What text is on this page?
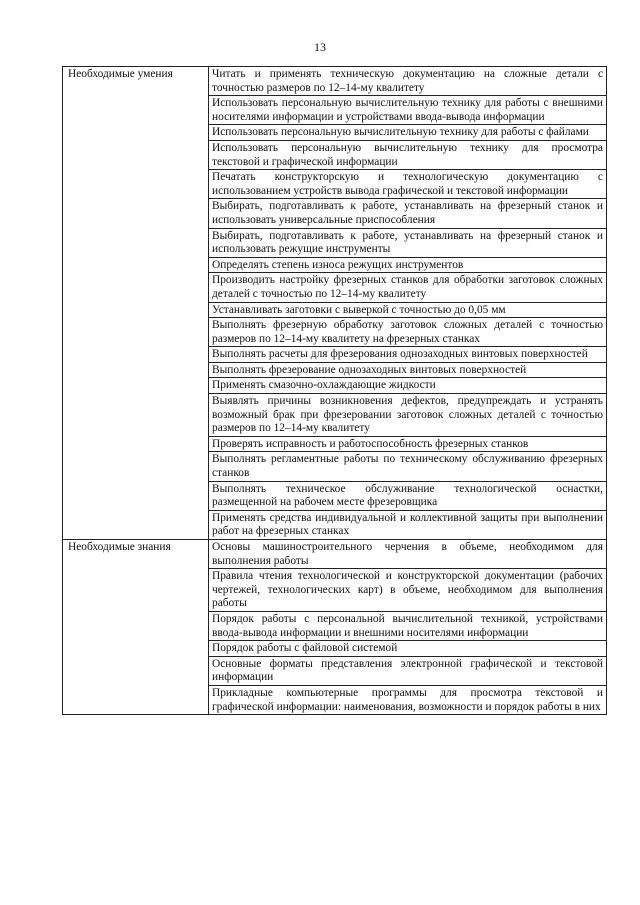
13
Необходимые умения	Читать и применять техническую документацию на сложные детали с точностью размеров по 12–14-му квалитету
	Использовать персональную вычислительную технику для работы с внешними носителями информации и устройствами ввода-вывода информации
	Использовать персональную вычислительную технику для работы с файлами
	Использовать персональную вычислительную технику для просмотра текстовой и графической информации
	Печатать конструкторскую и технологическую документацию с использованием устройств вывода графической и текстовой информации
	Выбирать, подготавливать к работе, устанавливать на фрезерный станок и использовать универсальные приспособления
	Выбирать, подготавливать к работе, устанавливать на фрезерный станок и использовать режущие инструменты
	Определять степень износа режущих инструментов
	Производить настройку фрезерных станков для обработки заготовок сложных деталей с точностью по 12–14-му квалитету
	Устанавливать заготовки с выверкой с точностью до 0,05 мм
	Выполнять фрезерную обработку заготовок сложных деталей с точностью размеров по 12–14-му квалитету на фрезерных станках
	Выполнять расчеты для фрезерования однозаходных винтовых поверхностей
	Выполнять фрезерование однозаходных винтовых поверхностей
	Применять смазочно-охлаждающие жидкости
	Выявлять причины возникновения дефектов, предупреждать и устранять возможный брак при фрезеровании заготовок сложных деталей с точностью размеров по 12–14-му квалитету
	Проверять исправность и работоспособность фрезерных станков
	Выполнять регламентные работы по техническому обслуживанию фрезерных станков
	Выполнять техническое обслуживание технологической оснастки, размещенной на рабочем месте фрезеровщика
	Применять средства индивидуальной и коллективной защиты при выполнении работ на фрезерных станках
Необходимые знания	Основы машиностроительного черчения в объеме, необходимом для выполнения работы
	Правила чтения технологической и конструкторской документации (рабочих чертежей, технологических карт) в объеме, необходимом для выполнения работы
	Порядок работы с персональной вычислительной техникой, устройствами ввода-вывода информации и внешними носителями информации
	Порядок работы с файловой системой
	Основные форматы представления электронной графической и текстовой информации
	Прикладные компьютерные программы для просмотра текстовой и графической информации: наименования, возможности и порядок работы в них
